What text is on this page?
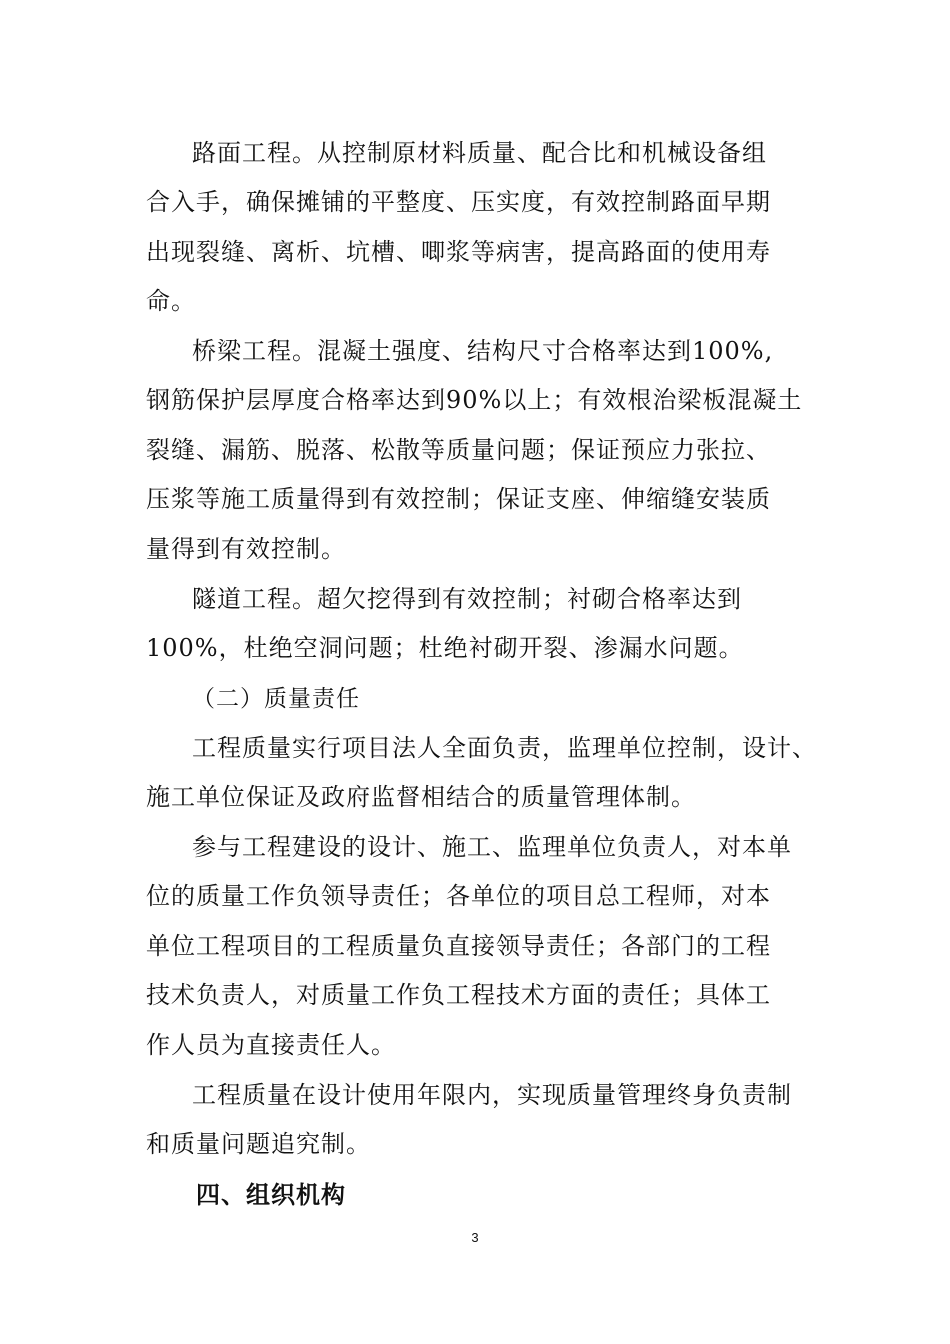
路面工程。从控制原材料质量、配合比和机械设备组
合入手，确保摊铺的平整度、压实度，有效控制路面早期
出现裂缝、离析、坑槽、唧浆等病害，提高路面的使用寿
命。
桥梁工程。混凝土强度、结构尺寸合格率达到100%,
钢筋保护层厚度合格率达到90%以上；有效根治梁板混凝土
裂缝、漏筋、脱落、松散等质量问题；保证预应力张拉、
压浆等施工质量得到有效控制；保证支座、伸缩缝安装质
量得到有效控制。
隧道工程。超欠挖得到有效控制；衬砌合格率达到
100%，杜绝空洞问题；杜绝衬砌开裂、渗漏水问题。
（二）质量责任
工程质量实行项目法人全面负责，监理单位控制，设计、
施工单位保证及政府监督相结合的质量管理体制。
参与工程建设的设计、施工、监理单位负责人，对本单
位的质量工作负领导责任；各单位的项目总工程师，对本
单位工程项目的工程质量负直接领导责任；各部门的工程
技术负责人，对质量工作负工程技术方面的责任；具体工
作人员为直接责任人。
工程质量在设计使用年限内，实现质量管理终身负责制
和质量问题追究制。
四、组织机构
3
